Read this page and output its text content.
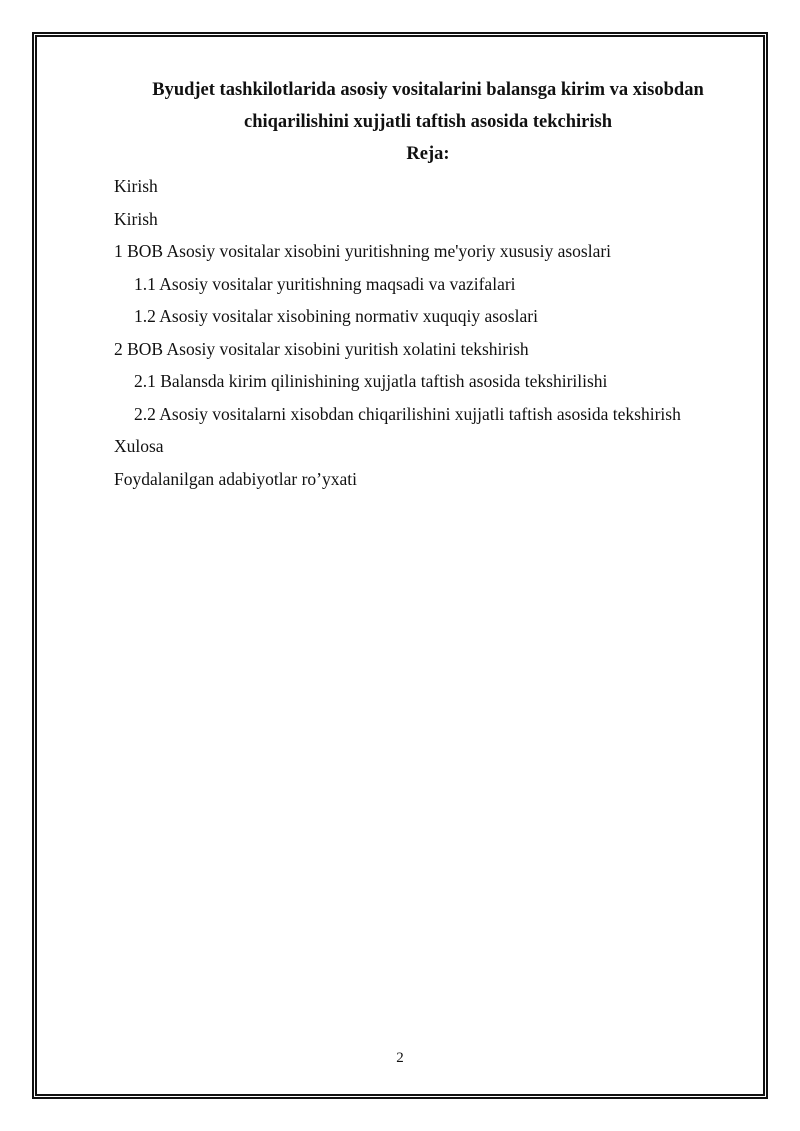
Byudjet tashkilotlarida asosiy vositalarini balansga kirim va xisobdan
chiqarilishini xujjatli taftish asosida tekchirish
Reja:
Kirish
Kirish
1 BOB Asosiy vositalar xisobini yuritishning me'yoriy xususiy asoslari
1.1 Asosiy vositalar yuritishning maqsadi va vazifalari
1.2 Asosiy vositalar xisobining normativ xuquqiy asoslari
2 BOB Asosiy vositalar xisobini yuritish xolatini tekshirish
2.1 Balansda kirim qilinishining xujjatla taftish asosida tekshirilishi
2.2 Asosiy vositalarni xisobdan chiqarilishini xujjatli taftish asosida tekshirish
Xulosa
Foydalanilgan adabiyotlar ro’yxati
2
